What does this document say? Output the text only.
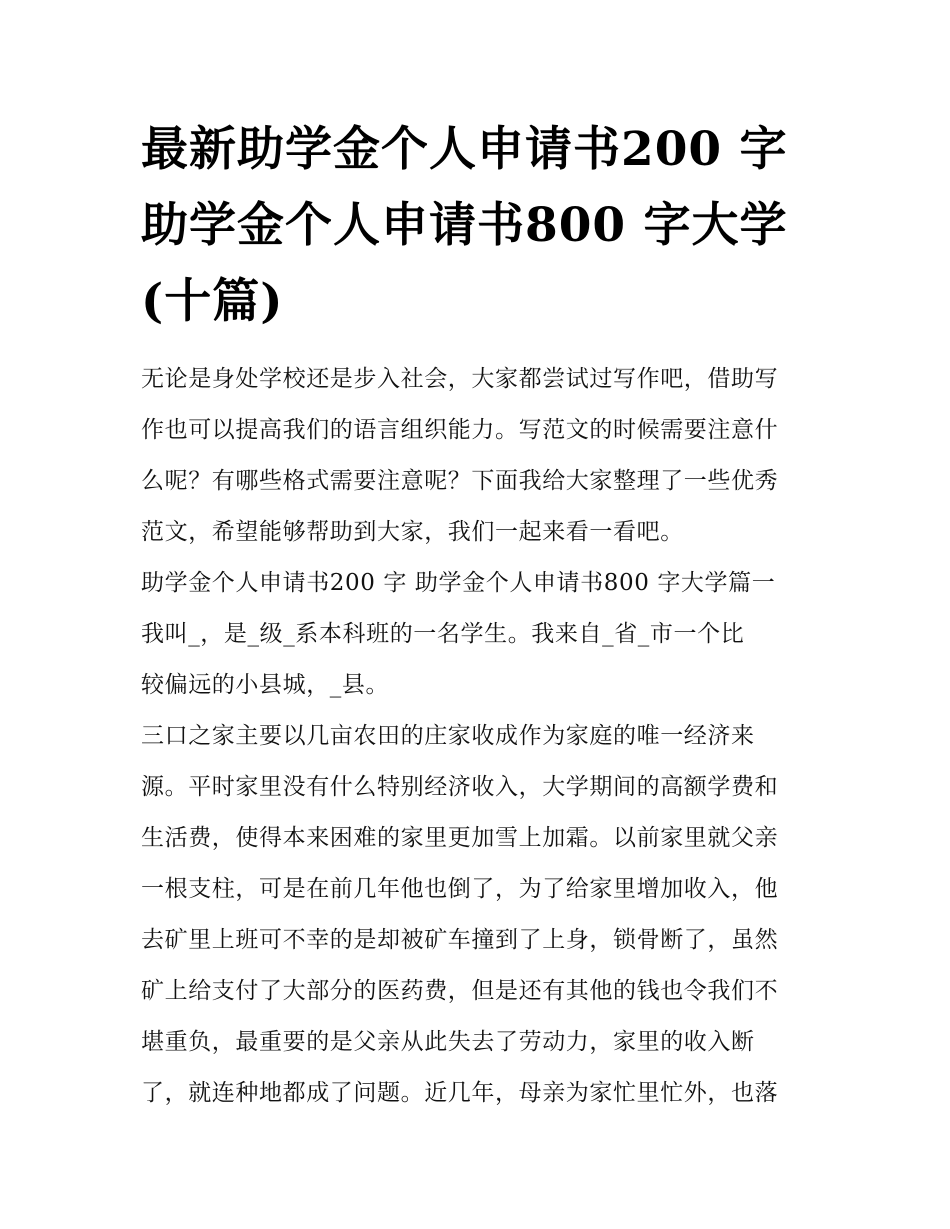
最新助学金个人申请书200 字
助学金个人申请书800 字大学
(十篇)

无论是身处学校还是步入社会，大家都尝试过写作吧，借助写
作也可以提高我们的语言组织能力。写范文的时候需要注意什
么呢？有哪些格式需要注意呢？下面我给大家整理了一些优秀
范文，希望能够帮助到大家，我们一起来看一看吧。

助学金个人申请书200 字 助学金个人申请书800 字大学篇一

我叫_，是_级_系本科班的一名学生。我来自_省_市一个比
较偏远的小县城，_县。

三口之家主要以几亩农田的庄家收成作为家庭的唯一经济来
源。平时家里没有什么特别经济收入，大学期间的高额学费和
生活费，使得本来困难的家里更加雪上加霜。以前家里就父亲
一根支柱，可是在前几年他也倒了，为了给家里增加收入，他
去矿里上班可不幸的是却被矿车撞到了上身，锁骨断了，虽然
矿上给支付了大部分的医药费，但是还有其他的钱也令我们不
堪重负，最重要的是父亲从此失去了劳动力，家里的收入断
了，就连种地都成了问题。近几年，母亲为家忙里忙外，也落
